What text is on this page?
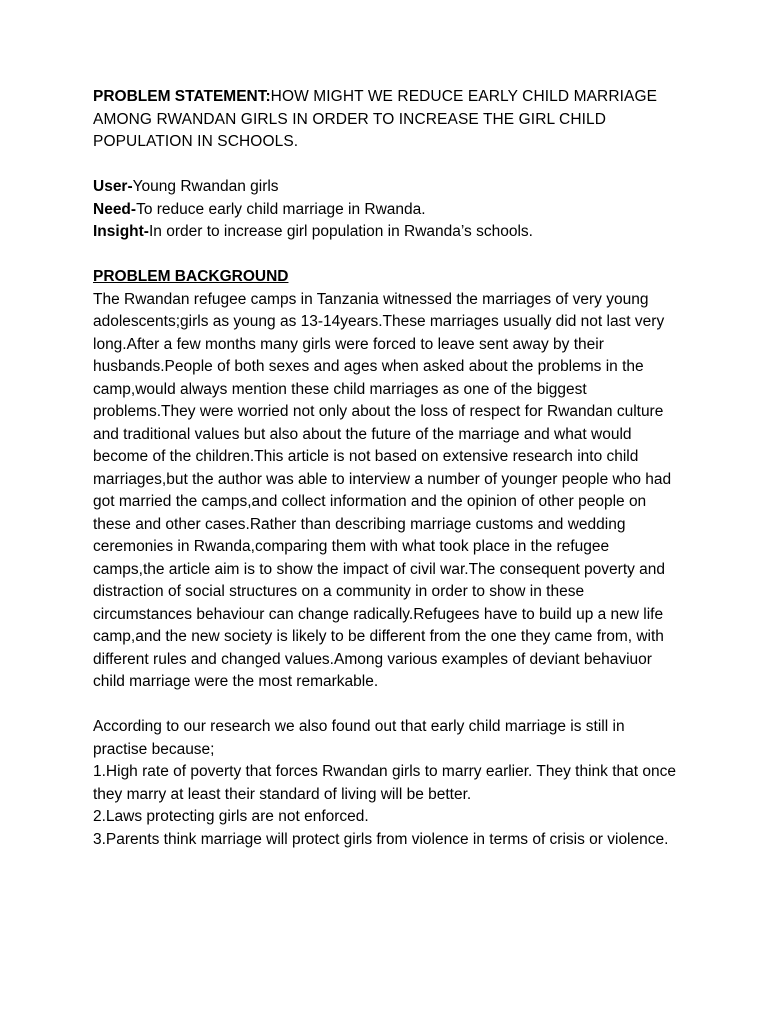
PROBLEM STATEMENT:HOW MIGHT WE REDUCE EARLY CHILD MARRIAGE AMONG RWANDAN GIRLS IN ORDER TO INCREASE THE GIRL CHILD POPULATION IN SCHOOLS.

User-Young Rwandan girls

Need-To reduce early child marriage in Rwanda.

Insight-In order to increase girl population in Rwanda’s schools.

PROBLEM BACKGROUND

The Rwandan refugee camps in Tanzania witnessed the marriages of very young adolescents;girls as young as 13-14years.These marriages usually did not last very long.After a few months many girls were forced to leave sent away by their husbands.People of both sexes and ages when asked about the problems in the camp,would always mention these child marriages as one of the biggest problems.They were worried not only about the loss of respect for Rwandan culture and traditional values but also about the future of the marriage and what would become of the children.This article is not based on extensive research into child marriages,but the author was able to interview a number of younger people who had got married the camps,and collect information and the opinion of other people on these and other cases.Rather than describing marriage customs and wedding ceremonies in Rwanda,comparing them with what took place in the refugee camps,the article aim is to show the impact of civil war.The consequent poverty and distraction of social structures on a community in order to show in these circumstances behaviour can change radically.Refugees have to build up a new life camp,and the new society is likely to be different from the one they came from, with different rules and changed values.Among various examples of deviant behaviuor child marriage were the most remarkable.

According to our research we also found out that early child marriage is still in practise because;

1.High rate of poverty that forces Rwandan girls to marry earlier. They think that once they marry at least their standard of living will be better.
2.Laws protecting girls are not enforced.
3.Parents think marriage will protect girls from violence in terms of crisis or violence.
